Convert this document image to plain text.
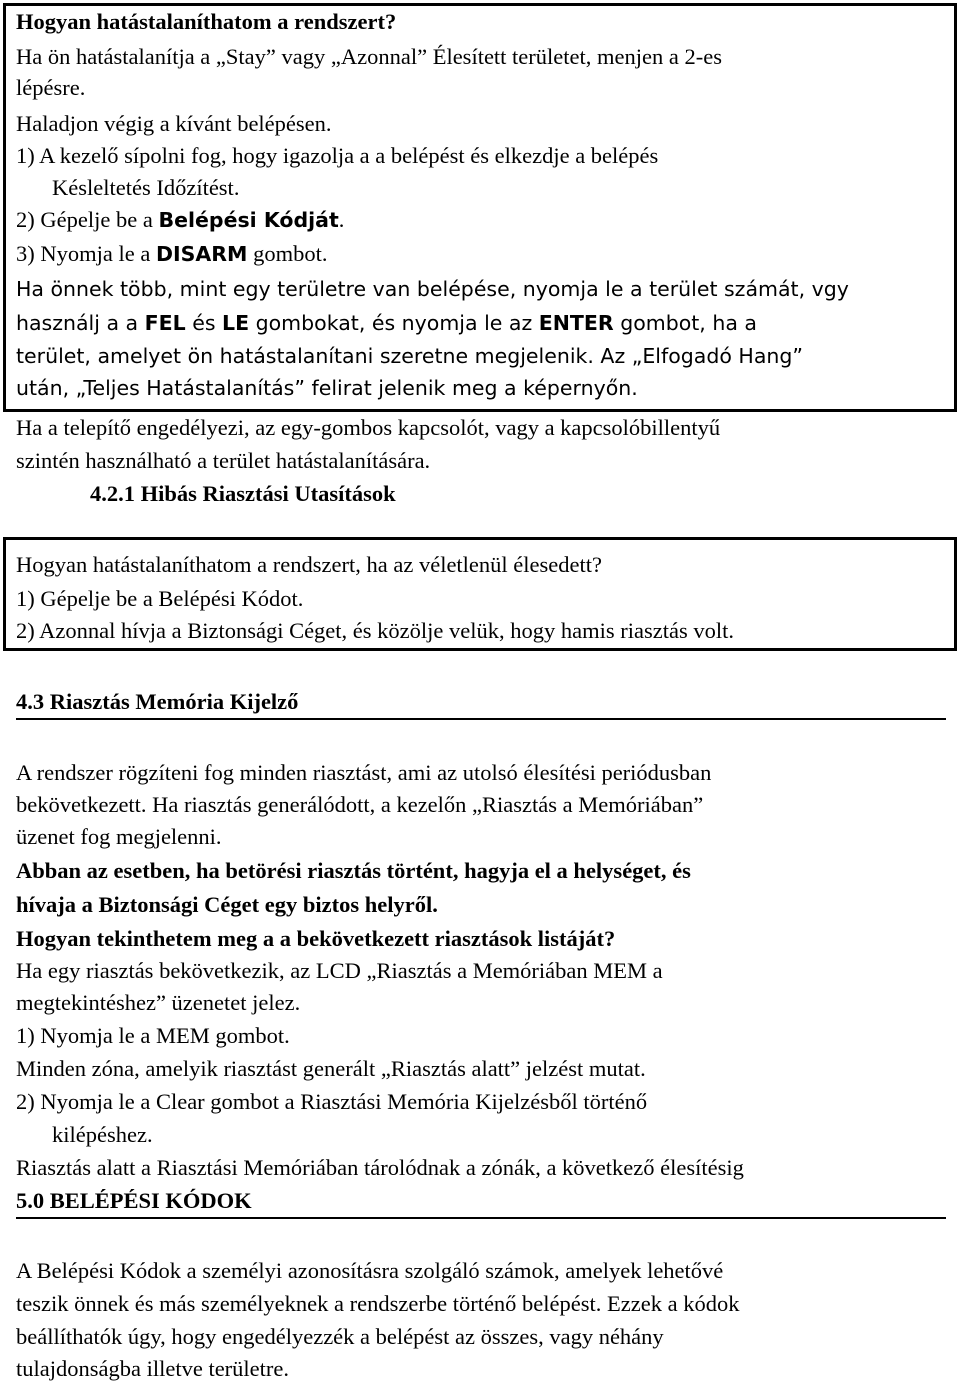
Hogyan hatástalaníthatom a rendszert?
Ha ön hatástalanítja a „Stay” vagy „Azonnal” Élesített területet, menjen a 2-es
lépésre.
Haladjon végig a kívánt belépésen.
1) A kezelő sípolni fog, hogy igazolja a a belépést és elkezdje a belépés
Késleltetés Időzítést.
2) Gépelje be a Belépési Kódját.
3) Nyomja le a DISARM gombot.
Ha önnek több, mint egy területre van belépése, nyomja le a terület számát, vgy
használj a a FEL és LE gombokat, és nyomja le az ENTER gombot, ha a
terület, amelyet ön hatástalanítani szeretne megjelenik. Az „Elfogadó Hang”
után, „Teljes Hatástalanítás” felirat jelenik meg a képernyőn.
Ha a telepítő engedélyezi, az egy-gombos kapcsolót, vagy a kapcsolóbillentyű
szintén használható a terület hatástalanítására.
4.2.1 Hibás Riasztási Utasítások
Hogyan hatástalaníthatom a rendszert, ha az véletlenül élesedett?
1) Gépelje be a Belépési Kódot.
2) Azonnal hívja a Biztonsági Céget, és közölje velük, hogy hamis riasztás volt.
4.3 Riasztás Memória Kijelző
A rendszer rögzíteni fog minden riasztást, ami az utolsó élesítési periódusban
bekövetkezett. Ha riasztás generálódott, a kezelőn „Riasztás a Memóriában”
üzenet fog megjelenni.
Abban az esetben, ha betörési riasztás történt, hagyja el a helységet, és
hívaja a Biztonsági Céget egy biztos helyről.
Hogyan tekinthetem meg a a bekövetkezett riasztások listáját?
Ha egy riasztás bekövetkezik, az LCD „Riasztás a Memóriában MEM a
megtekintéshez” üzenetet jelez.
1) Nyomja le a MEM gombot.
Minden zóna, amelyik riasztást generált „Riasztás alatt” jelzést mutat.
2) Nyomja le a Clear gombot a Riasztási Memória Kijelzésből történő
kilépéshez.
Riasztás alatt a Riasztási Memóriában tárolódnak a zónák, a következő élesítésig
5.0 BELÉPÉSI KÓDOK
A Belépési Kódok a személyi azonosításra szolgáló számok, amelyek lehetővé
teszik önnek és más személyeknek a rendszerbe történő belépést. Ezzek a kódok
beállíthatók úgy, hogy engedélyezzék a belépést az összes, vagy néhány
tulajdonságba illetve területre.
